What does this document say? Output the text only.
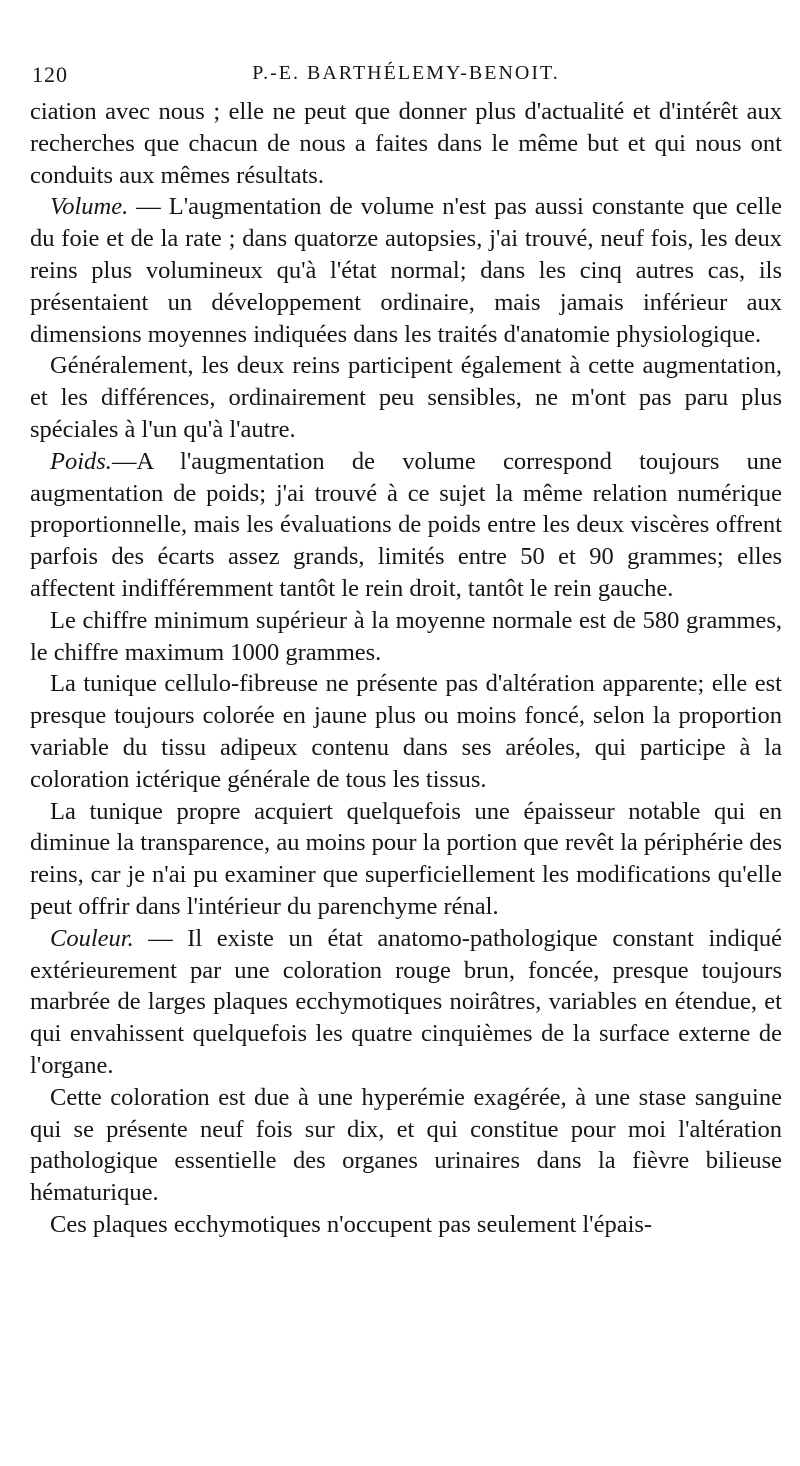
120	P.-E. BARTHÉLEMY-BENOIT.

ciation avec nous ; elle ne peut que donner plus d'actualité et d'intérêt aux recherches que chacun de nous a faites dans le même but et qui nous ont conduits aux mêmes résultats.

Volume. — L'augmentation de volume n'est pas aussi constante que celle du foie et de la rate ; dans quatorze autopsies, j'ai trouvé, neuf fois, les deux reins plus volumineux qu'à l'état normal; dans les cinq autres cas, ils présentaient un développement ordinaire, mais jamais inférieur aux dimensions moyennes indiquées dans les traités d'anatomie physiologique.

Généralement, les deux reins participent également à cette augmentation, et les différences, ordinairement peu sensibles, ne m'ont pas paru plus spéciales à l'un qu'à l'autre.

Poids.—A l'augmentation de volume correspond toujours une augmentation de poids; j'ai trouvé à ce sujet la même relation numérique proportionnelle, mais les évaluations de poids entre les deux viscères offrent parfois des écarts assez grands, limités entre 50 et 90 grammes; elles affectent indifféremment tantôt le rein droit, tantôt le rein gauche.

Le chiffre minimum supérieur à la moyenne normale est de 580 grammes, le chiffre maximum 1000 grammes.

La tunique cellulo-fibreuse ne présente pas d'altération apparente; elle est presque toujours colorée en jaune plus ou moins foncé, selon la proportion variable du tissu adipeux contenu dans ses aréoles, qui participe à la coloration ictérique générale de tous les tissus.

La tunique propre acquiert quelquefois une épaisseur notable qui en diminue la transparence, au moins pour la portion que revêt la périphérie des reins, car je n'ai pu examiner que superficiellement les modifications qu'elle peut offrir dans l'intérieur du parenchyme rénal.

Couleur. — Il existe un état anatomo-pathologique constant indiqué extérieurement par une coloration rouge brun, foncée, presque toujours marbrée de larges plaques ecchymotiques noirâtres, variables en étendue, et qui envahissent quelquefois les quatre cinquièmes de la surface externe de l'organe.

Cette coloration est due à une hyperémie exagérée, à une stase sanguine qui se présente neuf fois sur dix, et qui constitue pour moi l'altération pathologique essentielle des organes urinaires dans la fièvre bilieuse hématurique.

Ces plaques ecchymotiques n'occupent pas seulement l'épais-
